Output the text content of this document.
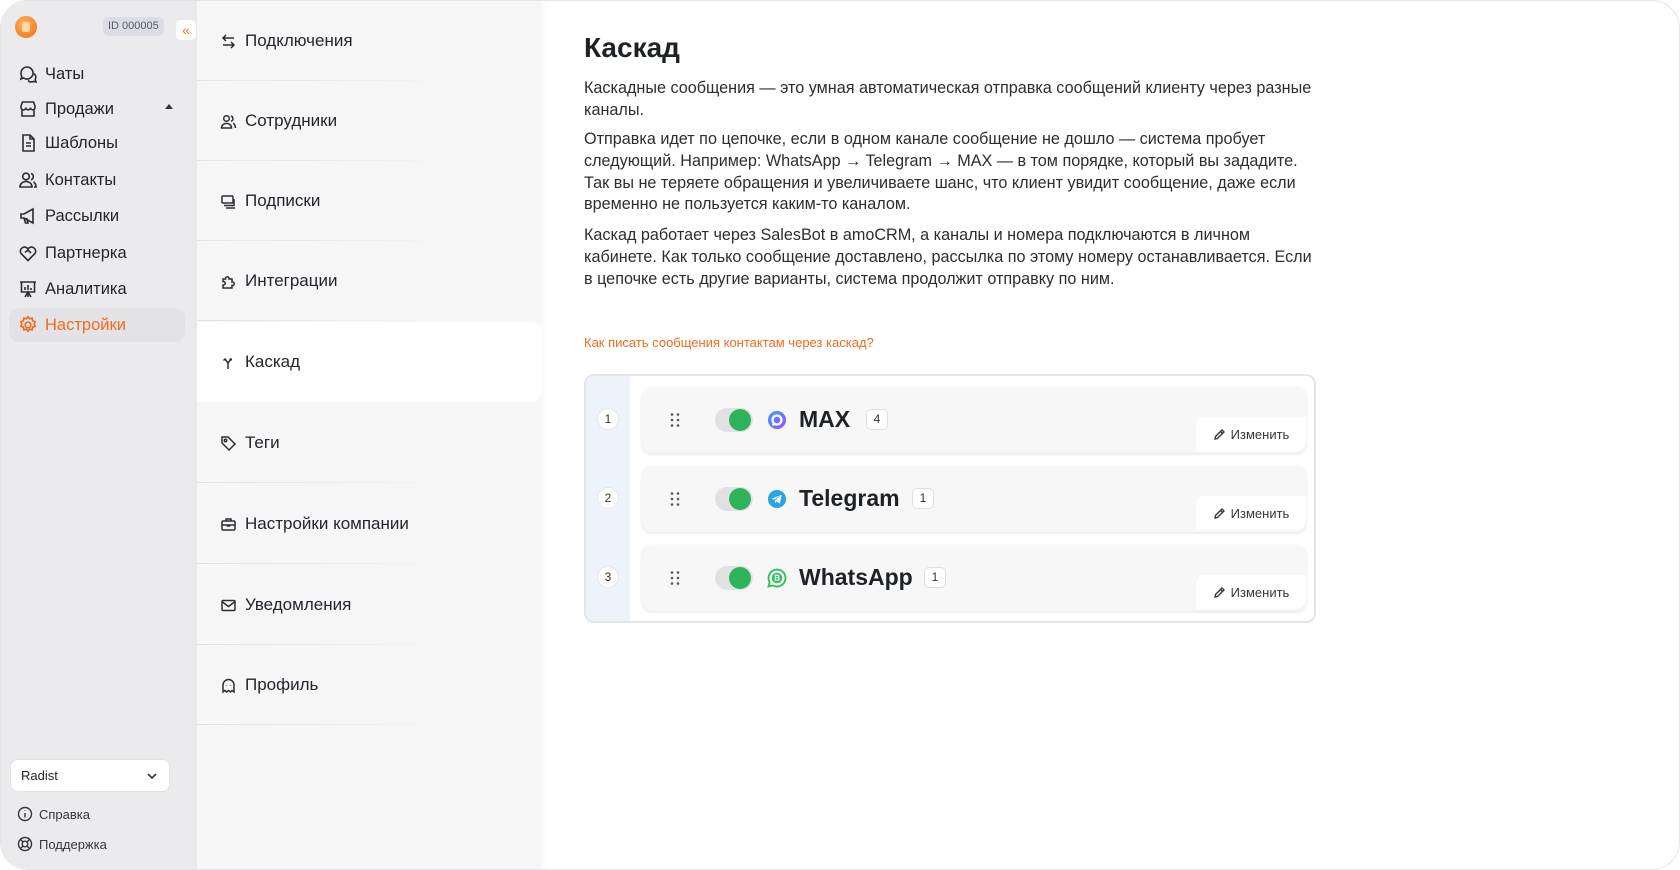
ID 000005	«
Чаты
Продажи
Шаблоны
Контакты
Рассылки
Партнерка
Аналитика
Настройки
Radist
Справка
Поддержка
Подключения
Сотрудники
Подписки
Интеграции
Каскад
Теги
Настройки компании
Уведомления
Профиль
Каскад

Каскадные сообщения — это умная автоматическая отправка сообщений клиенту через разные каналы.

Отправка идет по цепочке, если в одном канале сообщение не дошло — система пробует следующий. Например: WhatsApp → Telegram → MAX — в том порядке, который вы зададите. Так вы не теряете обращения и увеличиваете шанс, что клиент увидит сообщение, даже если временно не пользуется каким-то каналом.

Каскад работает через SalesBot в amoCRM, а каналы и номера подключаются в личном кабинете. Как только сообщение доставлено, рассылка по этому номеру останавливается. Если в цепочке есть другие варианты, система продолжит отправку по ним.

Как писать сообщения контактам через каскад?
1	MAX	4
Изменить
2	Telegram	1
Изменить
3	WhatsApp	1
Изменить
